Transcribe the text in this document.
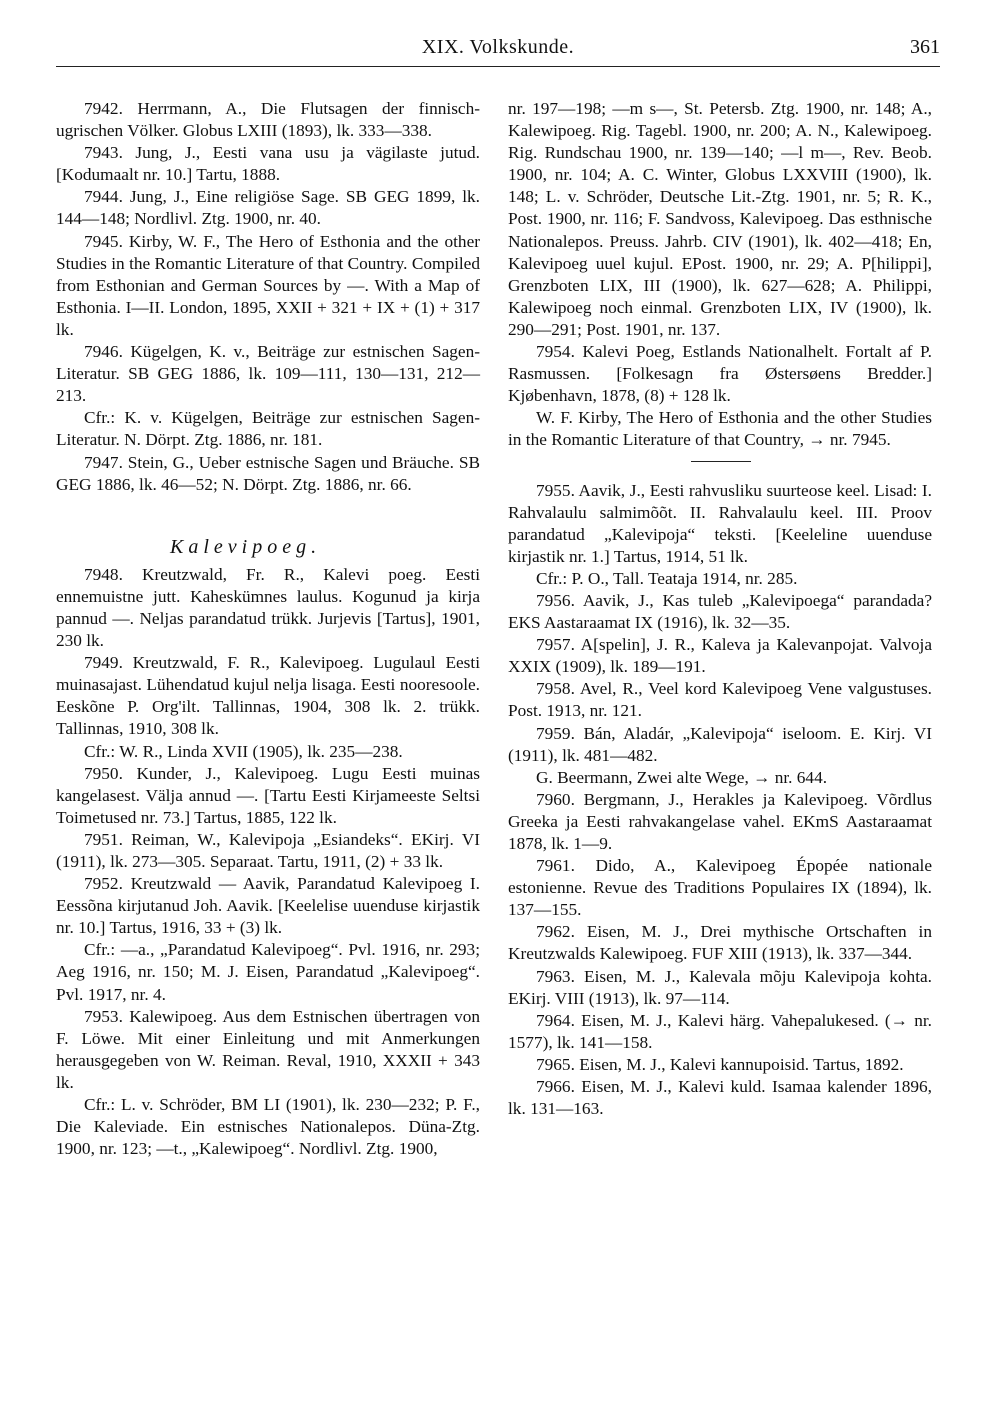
XIX. Volkskunde.	361

7942. Herrmann, A., Die Flutsagen der finnisch-ugrischen Völker. Globus LXIII (1893), lk. 333—338.

7943. Jung, J., Eesti vana usu ja vägilaste jutud. [Kodumaalt nr. 10.] Tartu, 1888.

7944. Jung, J., Eine religiöse Sage. SB GEG 1899, lk. 144—148; Nordlivl. Ztg. 1900, nr. 40.

7945. Kirby, W. F., The Hero of Esthonia and the other Studies in the Romantic Literature of that Country. Compiled from Esthonian and German Sources by —. With a Map of Esthonia. I—II. London, 1895, XXII + 321 + IX + (1) + 317 lk.

7946. Kügelgen, K. v., Beiträge zur estnischen Sagen-Literatur. SB GEG 1886, lk. 109—111, 130—131, 212—213.

Cfr.: K. v. Kügelgen, Beiträge zur estnischen Sagen-Literatur. N. Dörpt. Ztg. 1886, nr. 181.

7947. Stein, G., Ueber estnische Sagen und Bräuche. SB GEG 1886, lk. 46—52; N. Dörpt. Ztg. 1886, nr. 66.

Kalevipoeg.

7948. Kreutzwald, Fr. R., Kalevi poeg. Eesti ennemuistne jutt. Kaheskümnes laulus. Kogunud ja kirja pannud —. Neljas parandatud trükk. Jurjevis [Tartus], 1901, 230 lk.

7949. Kreutzwald, F. R., Kalevipoeg. Lugulaul Eesti muinasajast. Lühendatud kujul nelja lisaga. Eesti nooresoole. Eeskõne P. Org'ilt. Tallinnas, 1904, 308 lk. 2. trükk. Tallinnas, 1910, 308 lk.

Cfr.: W. R., Linda XVII (1905), lk. 235—238.

7950. Kunder, J., Kalevipoeg. Lugu Eesti muinas kangelasest. Välja annud —. [Tartu Eesti Kirjameeste Seltsi Toimetused nr. 73.] Tartus, 1885, 122 lk.

7951. Reiman, W., Kalevipoja „Esiandeks“. EKirj. VI (1911), lk. 273—305. Separaat. Tartu, 1911, (2) + 33 lk.

7952. Kreutzwald — Aavik, Parandatud Kalevipoeg I. Eessõna kirjutanud Joh. Aavik. [Keelelise uuenduse kirjastik nr. 10.] Tartus, 1916, 33 + (3) lk.

Cfr.: —a., „Parandatud Kalevipoeg“. Pvl. 1916, nr. 293; Aeg 1916, nr. 150; M. J. Eisen, Parandatud „Kalevipoeg“. Pvl. 1917, nr. 4.

7953. Kalewipoeg. Aus dem Estnischen übertragen von F. Löwe. Mit einer Einleitung und mit Anmerkungen herausgegeben von W. Reiman. Reval, 1910, XXXII + 343 lk.

Cfr.: L. v. Schröder, BM LI (1901), lk. 230—232; P. F., Die Kaleviade. Ein estnisches Nationalepos. Düna-Ztg. 1900, nr. 123; —t., „Kalewipoeg“. Nordlivl. Ztg. 1900,

nr. 197—198; —m s—, St. Petersb. Ztg. 1900, nr. 148; A., Kalewipoeg. Rig. Tagebl. 1900, nr. 200; A. N., Kalewipoeg. Rig. Rundschau 1900, nr. 139—140; —l m—, Rev. Beob. 1900, nr. 104; A. C. Winter, Globus LXXVIII (1900), lk. 148; L. v. Schröder, Deutsche Lit.-Ztg. 1901, nr. 5; R. K., Post. 1900, nr. 116; F. Sandvoss, Kalevipoeg. Das esthnische Nationalepos. Preuss. Jahrb. CIV (1901), lk. 402—418; En, Kalevipoeg uuel kujul. EPost. 1900, nr. 29; A. P[hilippi], Grenzboten LIX, III (1900), lk. 627—628; A. Philippi, Kalewipoeg noch einmal. Grenzboten LIX, IV (1900), lk. 290—291; Post. 1901, nr. 137.

7954. Kalevi Poeg, Estlands Nationalhelt. Fortalt af P. Rasmussen. [Folkesagn fra Østersøens Bredder.] Kjøbenhavn, 1878, (8) + 128 lk.

W. F. Kirby, The Hero of Esthonia and the other Studies in the Romantic Literature of that Country, → nr. 7945.

7955. Aavik, J., Eesti rahvusliku suurteose keel. Lisad: I. Rahvalaulu salmimõõt. II. Rahvalaulu keel. III. Proov parandatud „Kalevipoja“ teksti. [Keeleline uuenduse kirjastik nr. 1.] Tartus, 1914, 51 lk.

Cfr.: P. O., Tall. Teataja 1914, nr. 285.

7956. Aavik, J., Kas tuleb „Kalevipoega“ parandada? EKS Aastaraamat IX (1916), lk. 32—35.

7957. A[spelin], J. R., Kaleva ja Kalevanpojat. Valvoja XXIX (1909), lk. 189—191.

7958. Avel, R., Veel kord Kalevipoeg Vene valgustuses. Post. 1913, nr. 121.

7959. Bán, Aladár, „Kalevipoja“ iseloom. E. Kirj. VI (1911), lk. 481—482.

G. Beermann, Zwei alte Wege, → nr. 644.

7960. Bergmann, J., Herakles ja Kalevipoeg. Võrdlus Greeka ja Eesti rahvakangelase vahel. EKmS Aastaraamat 1878, lk. 1—9.

7961. Dido, A., Kalevipoeg Épopée nationale estonienne. Revue des Traditions Populaires IX (1894), lk. 137—155.

7962. Eisen, M. J., Drei mythische Ortschaften in Kreutzwalds Kalewipoeg. FUF XIII (1913), lk. 337—344.

7963. Eisen, M. J., Kalevala mõju Kalevipoja kohta. EKirj. VIII (1913), lk. 97—114.

7964. Eisen, M. J., Kalevi härg. Vahepalukesed. (→ nr. 1577), lk. 141—158.

7965. Eisen, M. J., Kalevi kannupoisid. Tartus, 1892.

7966. Eisen, M. J., Kalevi kuld. Isamaa kalender 1896, lk. 131—163.
